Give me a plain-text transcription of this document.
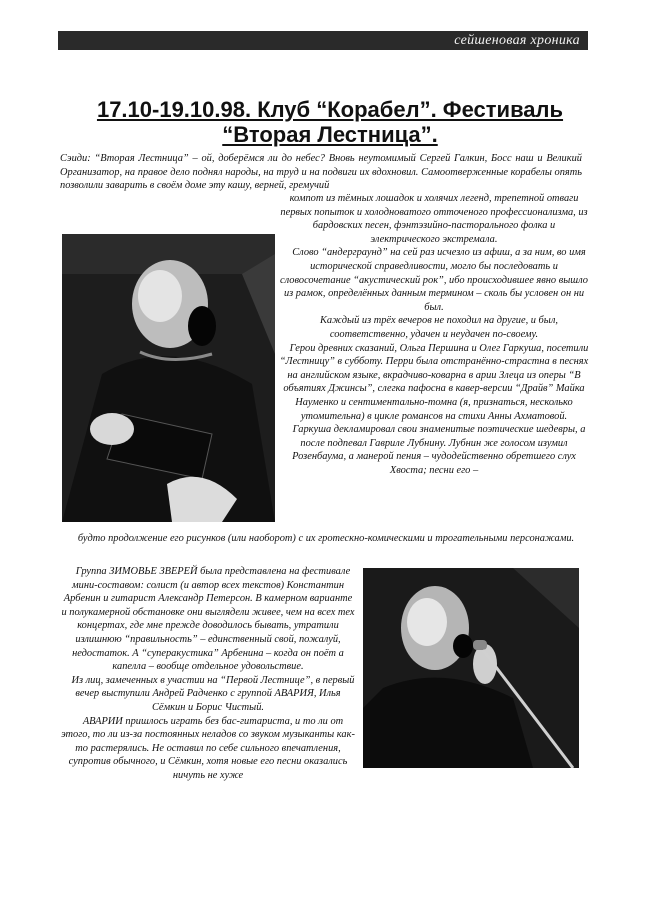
сейшеновая хроника
17.10-19.10.98. Клуб “Корабел”. Фестиваль
“Вторая Лестница”.
Сэиди: “Вторая Лестница” – ой, доберёмся ли до небес? Вновь неутомимый Сергей Галкин, Босс наш и Великий Организатор, на правое дело поднял народы, на труд и на подвиги их вдохновил. Самоотверженные корабелы опять позволили заварить в своём доме эту кашу, верней, гремучий

компот из тёмных лошадок и холячих легенд, трепетной отваги первых попыток и холодноватого отточеного профессионализма, из бардовских песен, фэнтэзийно-пасторального фолка и электрического экстремала.

Слово “андерграунд” на сей раз исчезло из афиш, а за ним, во имя исторической справедливости, могло бы последовать и словосочетание “акустический рок”, ибо происходившее явно вышло из рамок, определённых данным термином – сколь бы условен он ни был.

Каждый из трёх вечеров не походил на другие, и был, соответственно, удачен и неудачен по-своему.

Герои древних сказаний, Ольга Першина и Олег Гаркуша, посетили “Лестницу” в субботу. Перри была отстранённо-страстна в песнях на английском языке, вкрадчиво-коварна в арии Злеца из оперы “В объятиях Джинсы”, слегка пафосна в кавер-версии “Драйв” Майка Науменко и сентиментально-томна (я, признаться, несколько утомительна) в цикле романсов на стихи Анны Ахматовой.

Гаркуша декламировал свои знаменитые поэтические шедевры, а после подпевал Гавриле Лубнину. Лубнин же голосом изумил Розенбаума, а манерой пения – чудодейственно обретшего слух Хвоста; песни его –

будто продолжение его рисунков (или наоборот) с их гротескно-комическими и трогательными персонажами.

Группа ЗИМОВЬЕ ЗВЕРЕЙ была представлена на фестивале мини-составом: солист (и автор всех текстов) Константин Арбенин и гитарист Александр Петерсон. В камерном варианте и полукамерной обстановке они выглядели живее, чем на всех тех концертах, где мне прежде доводилось бывать, утратили излишнюю “правильность” – единственный свой, пожалуй, недостаток. А “суперакустика” Арбенина – когда он поёт а капелла – вообще отдельное удовольствие.

Из лиц, замеченных в участии на “Первой Лестнице”, в первый вечер выступили Андрей Радченко с группой АВАРИЯ, Илья Сёмкин и Борис Чистый.

АВАРИИ пришлось играть без бас-гитариста, и то ли от этого, то ли из-за постоянных неладов со звуком музыканты как-то растерялись. Не оставил по себе сильного впечатления, супротив обычного, и Сёмкин, хотя новые его песни оказались ничуть не хуже
